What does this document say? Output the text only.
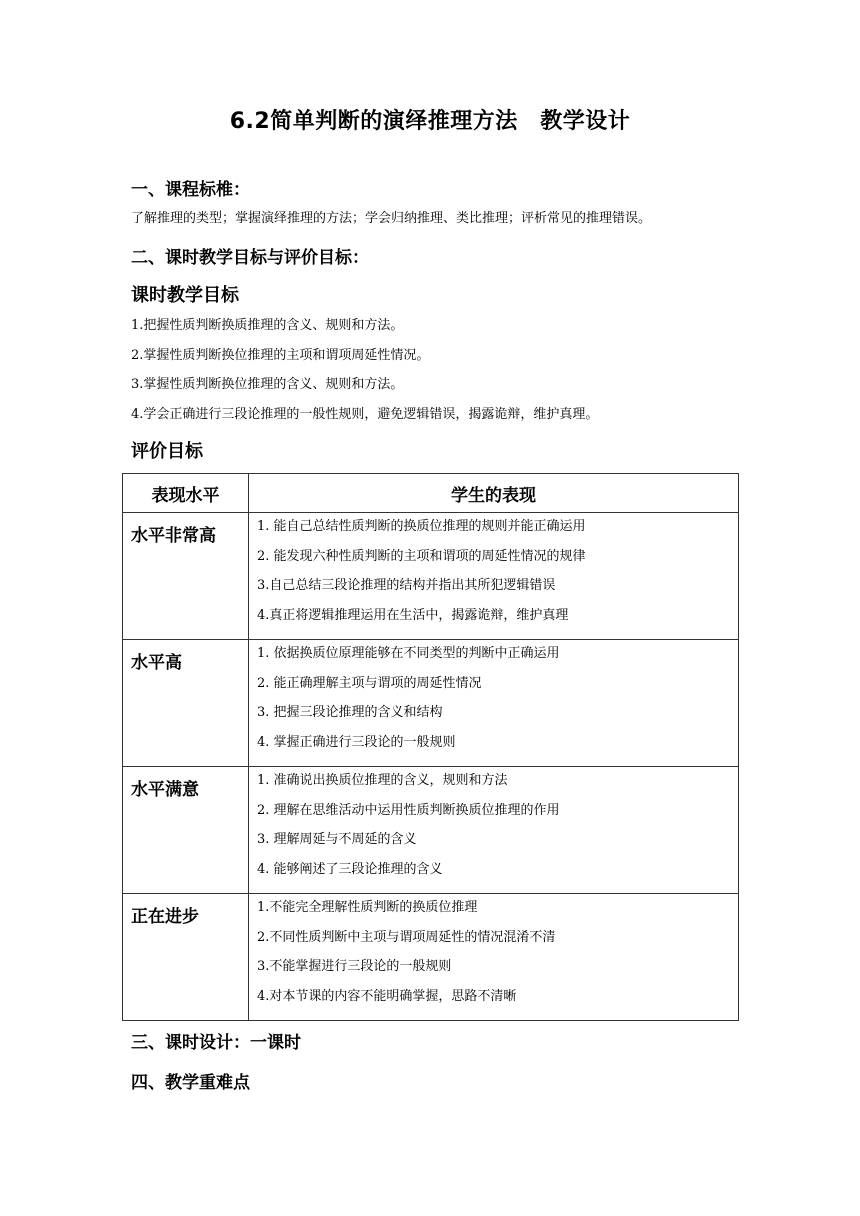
6.2简单判断的演绎推理方法　教学设计
一、课程标椎：
了解推理的类型；掌握演绎推理的方法；学会归纳推理、类比推理；评析常见的推理错误。
二、课时教学目标与评价目标：
课时教学目标
1.把握性质判断换质推理的含义、规则和方法。
2.掌握性质判断换位推理的主项和谓项周延性情况。
3.掌握性质判断换位推理的含义、规则和方法。
4.学会正确进行三段论推理的一般性规则，避免逻辑错误，揭露诡辩，维护真理。
评价目标
表现水平	学生的表现
水平非常高	1. 能自己总结性质判断的换质位推理的规则并能正确运用
2. 能发现六种性质判断的主项和谓项的周延性情况的规律
3.自己总结三段论推理的结构并指出其所犯逻辑错误
4.真正将逻辑推理运用在生活中，揭露诡辩，维护真理

水平高	1. 依据换质位原理能够在不同类型的判断中正确运用
2. 能正确理解主项与谓项的周延性情况
3. 把握三段论推理的含义和结构
4. 掌握正确进行三段论的一般规则

水平满意	1. 准确说出换质位推理的含义，规则和方法
2. 理解在思维活动中运用性质判断换质位推理的作用
3. 理解周延与不周延的含义
4. 能够阐述了三段论推理的含义

正在进步	1.不能完全理解性质判断的换质位推理
2.不同性质判断中主项与谓项周延性的情况混淆不清
3.不能掌握进行三段论的一般规则
4.对本节课的内容不能明确掌握，思路不清晰
三、课时设计：一课时
四、教学重难点
